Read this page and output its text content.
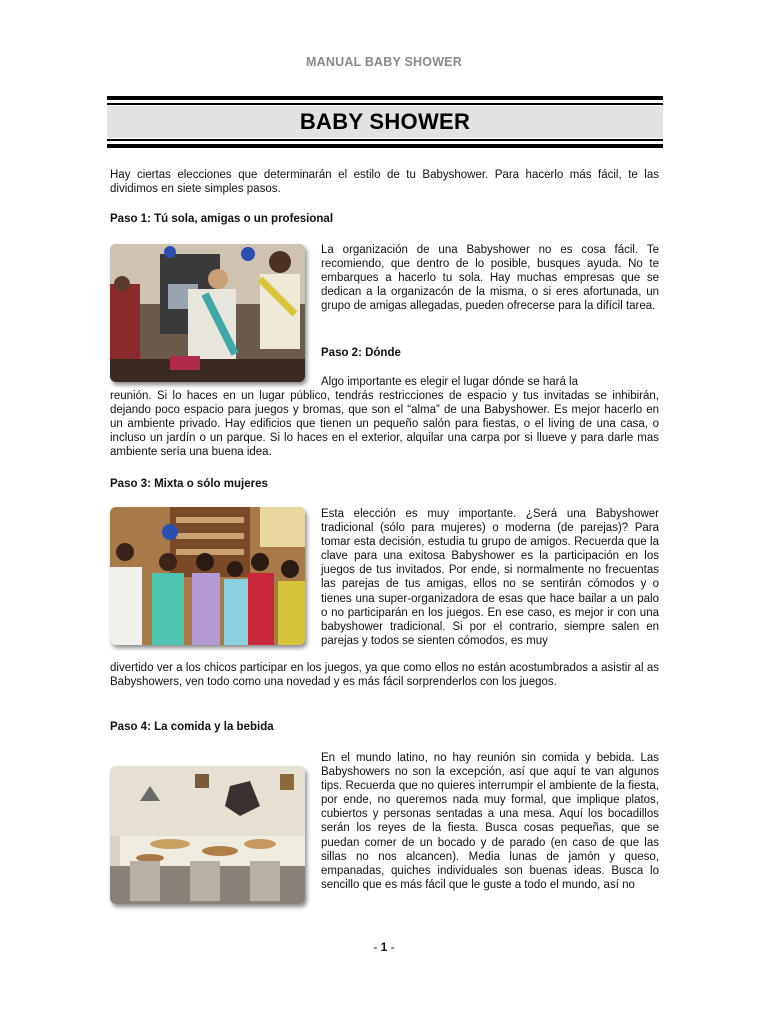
MANUAL BABY SHOWER
BABY SHOWER
Hay ciertas elecciones que determinarán el estilo de tu Babyshower. Para hacerlo más fácil, te las dividimos en siete simples pasos.
Paso 1: Tú sola, amigas o un profesional
La organización de una Babyshower no es cosa fácil. Te recomiendo, que dentro de lo posible, busques ayuda. No te embarques a hacerlo tu sola. Hay muchas empresas que se dedican a la organizacón de la misma, o si eres afortunada, un grupo de amigas allegadas, pueden ofrecerse para la difícil tarea.
Paso 2: Dónde
Algo importante es elegir el lugar dónde se hará la
reunión. Si lo haces en un lugar público, tendrás restricciones de espacio y tus invitadas se inhibirán, dejando poco espacio para juegos y bromas, que son el “alma” de una Babyshower. Es mejor hacerlo en un ambiente privado. Hay edificios que tienen un pequeño salón para fiestas, o el living de una casa, o incluso un jardín o un parque. Si lo haces en el exterior, alquilar una carpa por si llueve y para darle mas ambiente sería una buena idea.
Paso 3: Mixta o sólo mujeres
Esta elección es muy importante. ¿Será una Babyshower tradicional (sólo para mujeres) o moderna (de parejas)? Para tomar esta decisión, estudia tu grupo de amigos. Recuerda que la clave para una exitosa Babyshower es la participación en los juegos de tus invitados. Por ende, si normalmente no frecuentas las parejas de tus amigas, ellos no se sentirán cómodos y o tienes una super-organizadora de esas que hace bailar a un palo o no participarán en los juegos. En ese caso, es mejor ir con una babyshower tradicional. Si por el contrario, siempre salen en parejas y todos se sienten cómodos, es muy
divertido ver a los chicos participar en los juegos, ya que como ellos no están acostumbrados a asistir al as Babyshowers, ven todo como una novedad y es más fácil sorprenderlos con los juegos.
Paso 4: La comida y la bebida
En el mundo latino, no hay reunión sin comida y bebida. Las Babyshowers no son la excepción, así que aquí te van algunos tips. Recuerda que no quieres interrumpir el ambiente de la fiesta, por ende, no queremos nada muy formal, que implique platos, cubiertos y personas sentadas a una mesa. Aquí los bocadillos serán los reyes de la fiesta. Busca cosas pequeñas, que se puedan comer de un bocado y de parado (en caso de que las sillas no nos alcancen). Media lunas de jamón y queso, empanadas, quiches individuales son buenas ideas. Busca lo sencillo que es más fácil que le guste a todo el mundo, así no
- 1 -
